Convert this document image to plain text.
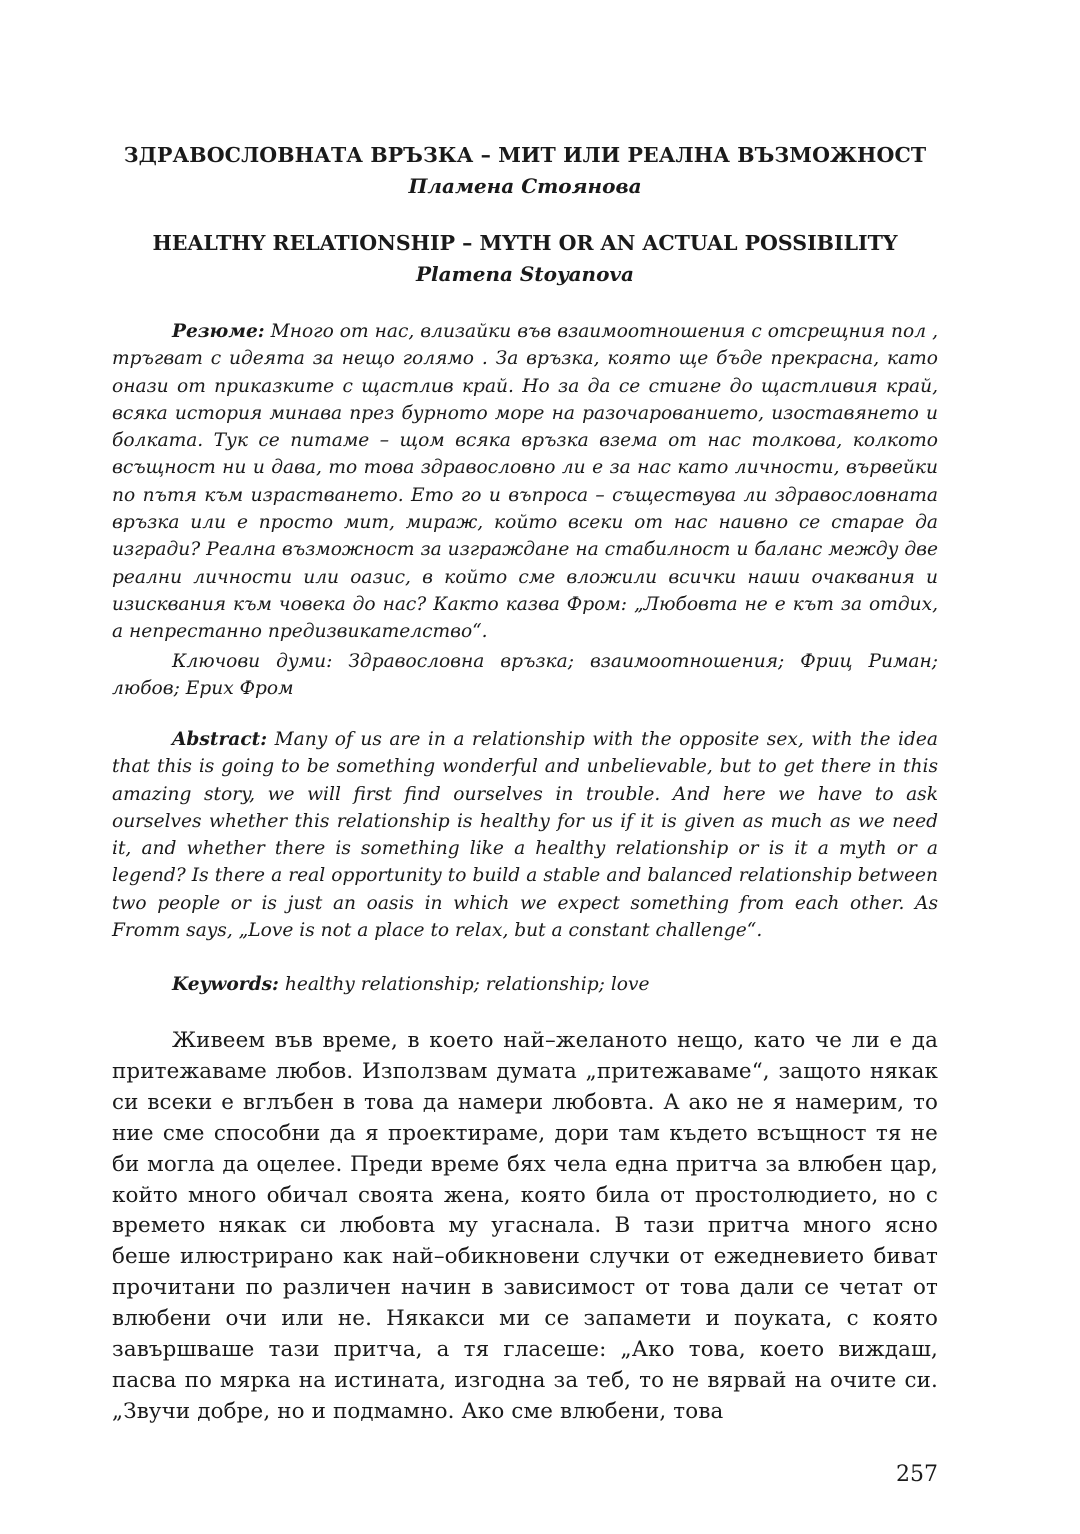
ЗДРАВОСЛОВНАТА ВРЪЗКА – МИТ ИЛИ РЕАЛНА ВЪЗМОЖНОСТ
Пламена Стоянова
HEALTHY RELATIONSHIP – MYTH OR AN ACTUAL POSSIBILITY
Plamena Stoyanova
Резюме: Много от нас, влизайки във взаимоотношения с отсрещния пол , тръгват с идеята за нещо голямо . За връзка, която ще бъде прекрасна, като онази от приказките с щастлив край. Но за да се стигне до щастливия край, всяка история минава през бурното море на разочарованието, изоставянето и болката. Тук се питаме – щом всяка връзка взема от нас толкова, колкото всъщност ни и дава, то това здравословно ли е за нас като личности, вървейки по пътя към израстването. Ето го и въпроса – съществува ли здравословната връзка или е просто мит, мираж, който всеки от нас наивно се старае да изгради? Реална възможност за изграждане на стабилност и баланс между две реални личности или оазис, в който сме вложили всички наши очаквания и изисквания към човека до нас? Както казва Фром: „Любовта не е кът за отдих, а непрестанно предизвикателство“.
Ключови думи: Здравословна връзка; взаимоотношения; Фриц Риман; любов; Ерих Фром
Abstract: Many of us are in a relationship with the opposite sex, with the idea that this is going to be something wonderful and unbelievable, but to get there in this amazing story, we will first find ourselves in trouble. And here we have to ask ourselves whether this relationship is healthy for us if it is given as much as we need it, and whether there is something like a healthy relationship or is it a myth or a legend? Is there a real opportunity to build a stable and balanced relationship between two people or is just an oasis in which we expect something from each other. As Fromm says, „Love is not a place to relax, but a constant challenge“.
Keywords: healthy relationship; relationship; love
Живеем във време, в което най–желаното нещо, като че ли е да притежаваме любов. Използвам думата „притежаваме“, защото някак си всеки е вглъбен в това да намери любовта. А ако не я намерим, то ние сме способни да я проектираме, дори там където всъщност тя не би могла да оцелее. Преди време бях чела една притча за влюбен цар, който много обичал своята жена, която била от простолюдието, но с времето някак си любовта му угаснала. В тази притча много ясно беше илюстрирано как най–обикновени случки от ежедневието биват прочитани по различен начин в зависимост от това дали се четат от влюбени очи или не. Някакси ми се запамети и поуката, с която завършваше тази притча, а тя гласеше: „Ако това, което виждаш, пасва по мярка на истината, изгодна за теб, то не вярвай на очите си. „Звучи добре, но и подмамно. Ако сме влюбени, това
257
